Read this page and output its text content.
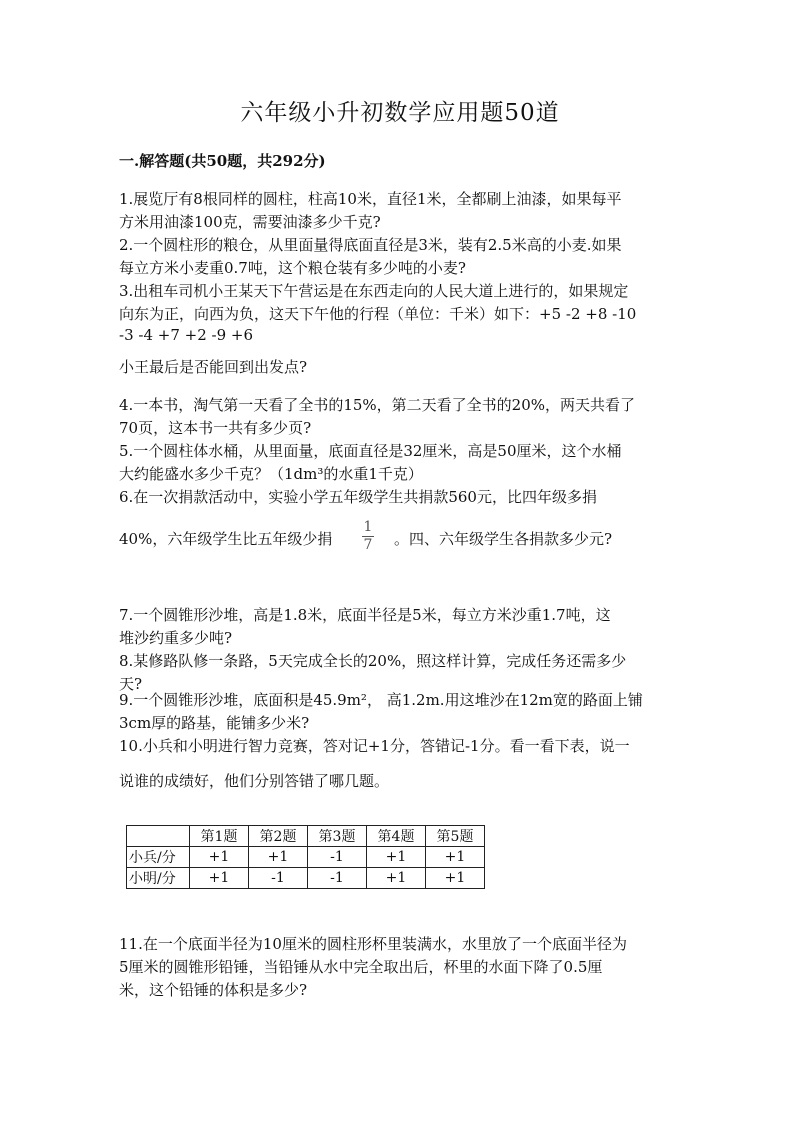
六年级小升初数学应用题50道

一.解答题(共50题，共292分)

1.展览厅有8根同样的圆柱，柱高10米，直径1米，全都刷上油漆，如果每平

方米用油漆100克，需要油漆多少千克?

2.一个圆柱形的粮仓，从里面量得底面直径是3米，装有2.5米高的小麦.如果

每立方米小麦重0.7吨，这个粮仓装有多少吨的小麦?

3.出租车司机小王某天下午营运是在东西走向的人民大道上进行的，如果规定

向东为正，向西为负，这天下午他的行程（单位：千米）如下：+5 -2 +8 -10

-3 -4 +7 +2 -9 +6

小王最后是否能回到出发点?

4.一本书，淘气第一天看了全书的15%，第二天看了全书的20%，两天共看了

70页，这本书一共有多少页?

5.一个圆柱体水桶，从里面量，底面直径是32厘米，高是50厘米，这个水桶

大约能盛水多少千克？（1dm³的水重1千克）

6.在一次捐款活动中，实验小学五年级学生共捐款560元，比四年级多捐

40%，六年级学生比五年级少捐 $\frac{1}{7}$ 。四、六年级学生各捐款多少元?

7.一个圆锥形沙堆，高是1.8米，底面半径是5米，每立方米沙重1.7吨，这

堆沙约重多少吨?

8.某修路队修一条路，5天完成全长的20%，照这样计算，完成任务还需多少

天?

9.一个圆锥形沙堆，底面积是45.9m²， 高1.2m.用这堆沙在12m宽的路面上铺

3cm厚的路基，能铺多少米?

10.小兵和小明进行智力竞赛，答对记+1分，答错记-1分。看一看下表，说一

说谁的成绩好，他们分别答错了哪几题。

	第1题	第2题	第3题	第4题	第5题
小兵/分	+1	+1	-1	+1	+1
小明/分	+1	-1	-1	+1	+1

11.在一个底面半径为10厘米的圆柱形杯里装满水，水里放了一个底面半径为

5厘米的圆锥形铅锤，当铅锤从水中完全取出后，杯里的水面下降了0.5厘

米，这个铅锤的体积是多少?
